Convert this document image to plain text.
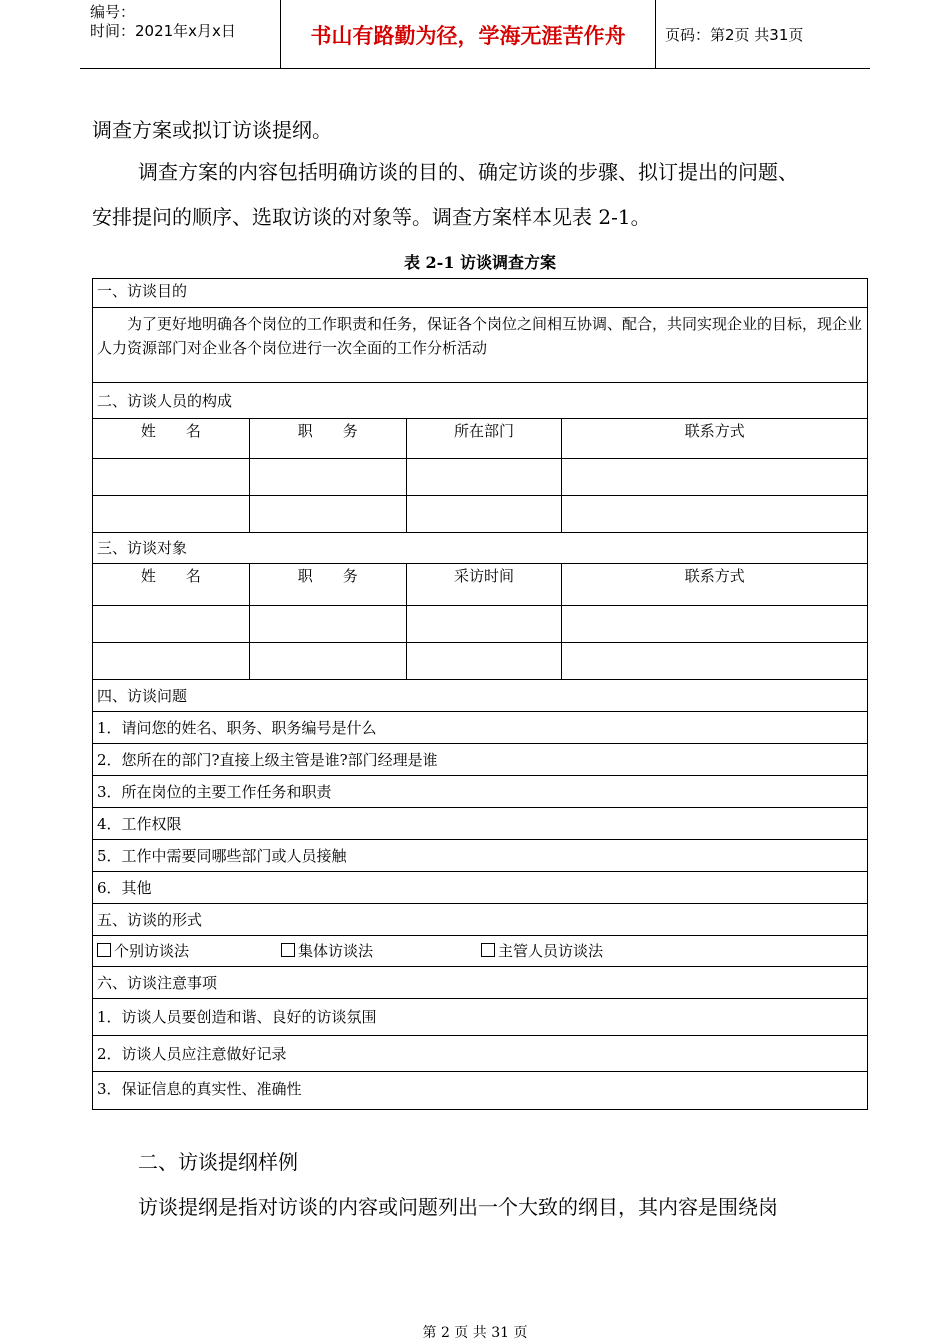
编号：
时间：2021年x月x日	书山有路勤为径，学海无涯苦作舟	页码：第2页 共31页
调查方案或拟订访谈提纲。
调查方案的内容包括明确访谈的目的、确定访谈的步骤、拟订提出的问题、
安排提问的顺序、选取访谈的对象等。调查方案样本见表 2-1。
表 2-1 访谈调查方案
一、访谈目的			
为了更好地明确各个岗位的工作职责和任务，保证各个岗位之间相互协调、配合，共同实现企业的目标，现企业人力资源部门对企业各个岗位进行一次全面的工作分析活动			
二、访谈人员的构成			
姓　　名	职　　务	所在部门	联系方式

三、访谈对象			
姓　　名	职　　务	采访时间	联系方式

四、访谈问题			
1．请问您的姓名、职务、职务编号是什么			
2．您所在的部门?直接上级主管是谁?部门经理是谁			
3．所在岗位的主要工作任务和职责			
4．工作权限			
5．工作中需要同哪些部门或人员接触			
6．其他			
五、访谈的形式			
个别访谈法 集体访谈法 主管人员访谈法			
六、访谈注意事项			
1．访谈人员要创造和谐、良好的访谈氛围			
2．访谈人员应注意做好记录			
3．保证信息的真实性、准确性			
二、访谈提纲样例
访谈提纲是指对访谈的内容或问题列出一个大致的纲目，其内容是围绕岗
第 2 页 共 31 页
